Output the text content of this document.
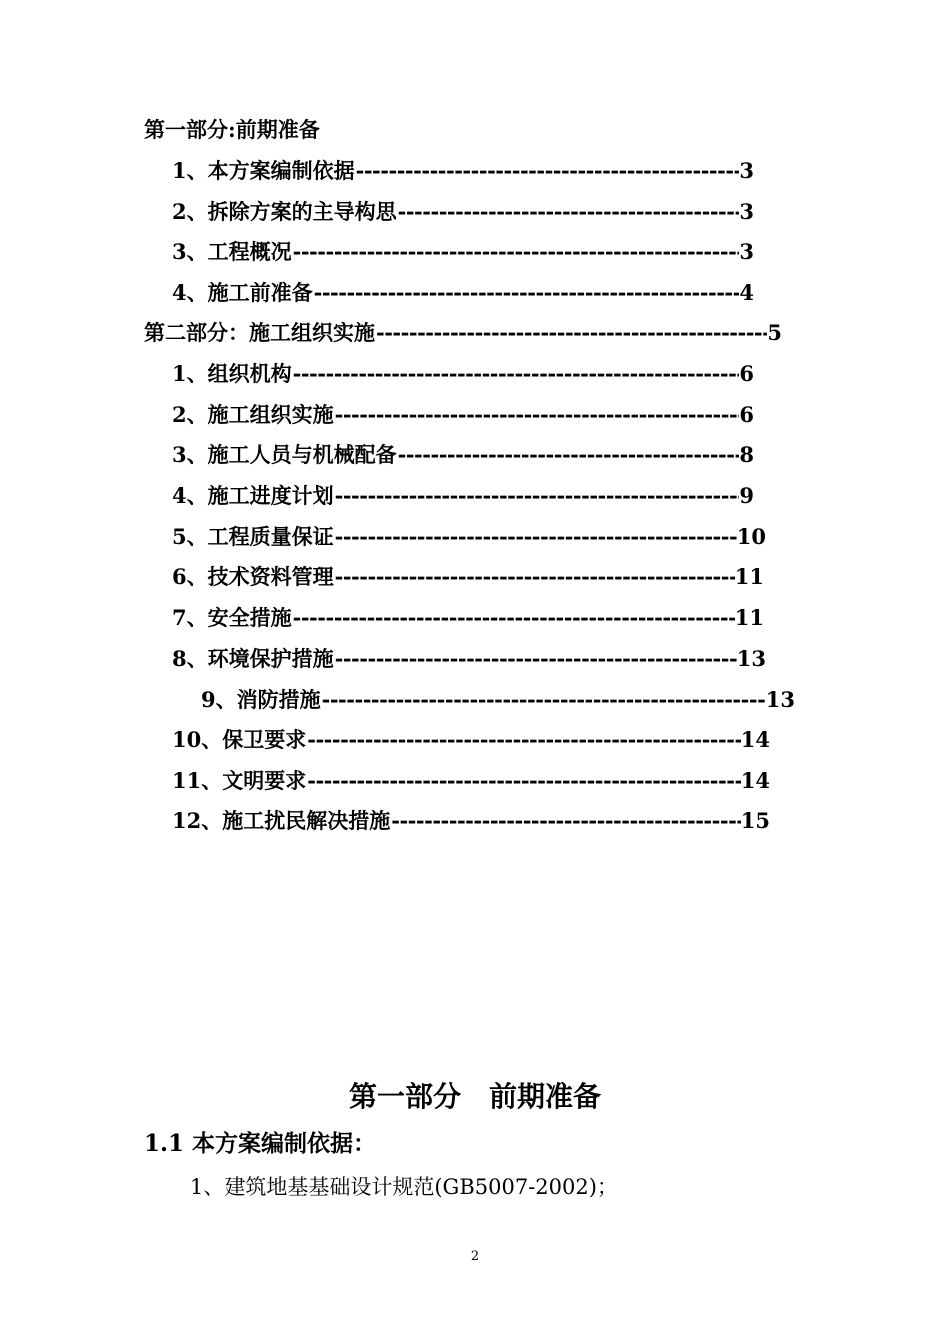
第一部分:前期准备
1、本方案编制依据 -----	3
2、拆除方案的主导构思 -----	3
3、工程概况 -----	3
4、施工前准备 -----	4
第二部分：施工组织实施 -----	5
1、组织机构 -----	6
2、施工组织实施 -----	6
3、施工人员与机械配备 -----	8
4、施工进度计划 -----	9
5、工程质量保证 -----	10
6、技术资料管理 -----	11
7、安全措施 -----	11
8、环境保护措施 -----	13
9、消防措施 -----	13
10、保卫要求 -----	14
11、文明要求 -----	14
12、施工扰民解决措施 -----	15
第一部分　前期准备
1.1 本方案编制依据：
1、建筑地基基础设计规范(GB5007-2002)；
2
